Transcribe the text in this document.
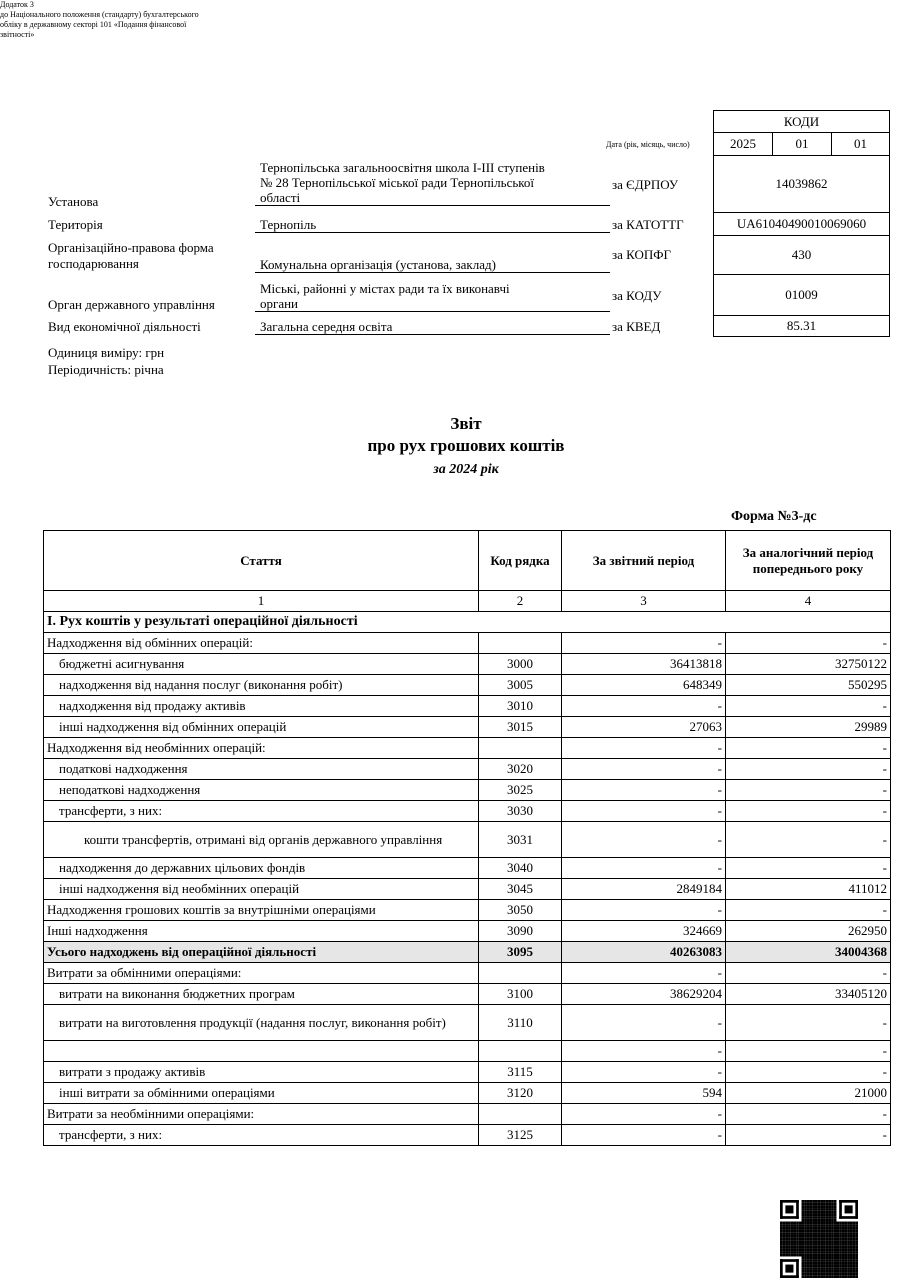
Додаток 3
до Національного положення (стандарту) бухгалтерського
обліку в державному секторі 101 «Подання фінансової
звітності»
КОДИ
Дата (рік, місяць, число)	2025	01	01
за ЄДРПОУ	14039862
за КАТОТТГ	UA61040490010069060
за КОПФГ	430
за КОДУ	01009
за КВЕД	85.31
Установа
Тернопільська загальноосвітня школа І-ІІІ ступенів
№ 28 Тернопільської міської ради Тернопільської
області
Територія	Тернопіль
Організаційно-правова форма
господарювання	Комунальна організація (установа, заклад)
Орган державного управління
Міські, районні у містах ради та їх виконавчі
органи
Вид економічної діяльності	Загальна середня освіта
Одиниця виміру: грн
Періодичність: річна
Звіт
про рух грошових коштів
за 2024 рік
Форма №3-дс
Стаття	Код рядка	За звітний період	За аналогічний період попереднього року
1	2	3	4
І. Рух коштів у результаті операційної діяльності			
Надходження від обмінних операцій:		-	-
бюджетні асигнування	3000	36413818	32750122
надходження від надання послуг (виконання робіт)	3005	648349	550295
надходження від продажу активів	3010	-	-
інші надходження від обмінних операцій	3015	27063	29989
Надходження від необмінних операцій:		-	-
податкові надходження	3020	-	-
неподаткові надходження	3025	-	-
трансферти, з них:	3030	-	-
кошти трансфертів, отримані від органів державного управління	3031	-	-
надходження до державних цільових фондів	3040	-	-
інші надходження від необмінних операцій	3045	2849184	411012
Надходження грошових коштів за внутрішніми операціями	3050	-	-
Інші надходження	3090	324669	262950
Усього надходжень від операційної діяльності	3095	40263083	34004368
Витрати за обмінними операціями:		-	-
витрати на виконання бюджетних програм	3100	38629204	33405120
витрати на виготовлення продукції (надання послуг, виконання робіт)	3110	-	-
		-	-
витрати з продажу активів	3115	-	-
інші витрати за обмінними операціями	3120	594	21000
Витрати за необмінними операціями:		-	-
трансферти, з них:	3125	-	-
